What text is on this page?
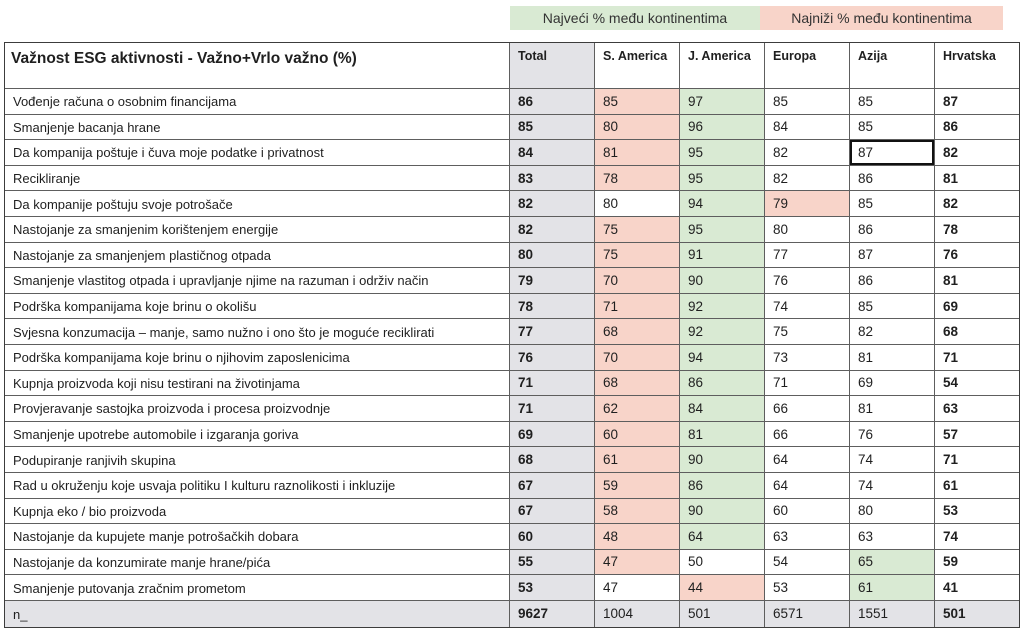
Najveći % među kontinentima	Najniži % među kontinentima
Važnost ESG aktivnosti - Važno+Vrlo važno (%)	Total	S. America	J. America	Europa	Azija	Hrvatska
Vođenje računa o osobnim financijama	86	85	97	85	85	87
Smanjenje bacanja hrane	85	80	96	84	85	86
Da kompanija poštuje i čuva moje podatke i privatnost	84	81	95	82	87	82
Recikliranje	83	78	95	82	86	81
Da kompanije poštuju svoje potrošače	82	80	94	79	85	82
Nastojanje za smanjenim korištenjem energije	82	75	95	80	86	78
Nastojanje za smanjenjem plastičnog otpada	80	75	91	77	87	76
Smanjenje vlastitog otpada i upravljanje njime na razuman i održiv način	79	70	90	76	86	81
Podrška kompanijama koje brinu o okolišu	78	71	92	74	85	69
Svjesna konzumacija – manje, samo nužno i ono što je moguće reciklirati	77	68	92	75	82	68
Podrška kompanijama koje brinu o njihovim zaposlenicima	76	70	94	73	81	71
Kupnja proizvoda koji nisu testirani na životinjama	71	68	86	71	69	54
Provjeravanje sastojka proizvoda i procesa proizvodnje	71	62	84	66	81	63
Smanjenje upotrebe automobile i izgaranja goriva	69	60	81	66	76	57
Podupiranje ranjivih skupina	68	61	90	64	74	71
Rad u okruženju koje usvaja politiku I kulturu raznolikosti i inkluzije	67	59	86	64	74	61
Kupnja eko / bio proizvoda	67	58	90	60	80	53
Nastojanje da kupujete manje potrošačkih dobara	60	48	64	63	63	74
Nastojanje da konzumirate manje hrane/pića	55	47	50	54	65	59
Smanjenje putovanja zračnim prometom	53	47	44	53	61	41
n_	9627	1004	501	6571	1551	501
